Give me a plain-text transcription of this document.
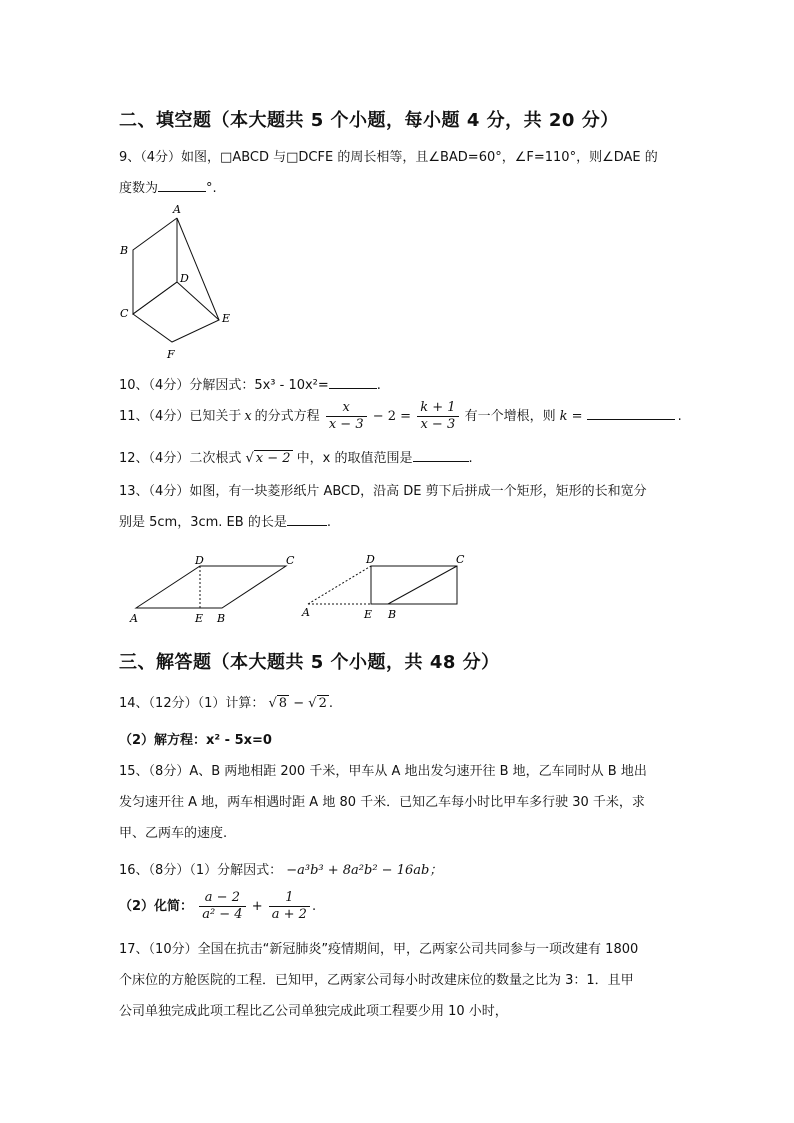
二、填空题（本大题共 5 个小题，每小题 4 分，共 20 分）
9、（4分）如图，□ABCD 与□DCFE 的周长相等，且∠BAD=60°，∠F=110°，则∠DAE 的
度数为	°.
A
B
C
D
E
F
10、（4分）分解因式：5x³ - 10x²=	.
11、（4分）已知关于 x 的分式方程 $\frac{x}{x - 3} - 2 = \frac{k + 1}{x - 3}$ 有一个增根，则 k =	.
12、（4分）二次根式 √ x − 2 中，x 的取值范围是	.
13、（4分）如图，有一块菱形纸片 ABCD，沿高 DE 剪下后拼成一个矩形，矩形的长和宽分
别是 5cm，3cm. EB 的长是	.
A	B
C
D
E	A	B
C
D
E
三、解答题（本大题共 5 个小题，共 48 分）
14、（12分）（1）计算： √ 8 − √ 2 .
（2）解方程：x² - 5x=0
15、（8分）A、B 两地相距 200 千米，甲车从 A 地出发匀速开往 B 地，乙车同时从 B 地出
发匀速开往 A 地，两车相遇时距 A 地 80 千米．已知乙车每小时比甲车多行驶 30 千米，求
甲、乙两车的速度.
16、（8分）（1）分解因式： −a³b³ + 8a²b² − 16ab；
（2）化简： $\frac{a - 2}{\text{a² − 4}} + \frac{1}{a + 2}$ .
17、（10分）全国在抗击“新冠肺炎”疫情期间，甲，乙两家公司共同参与一项改建有 1800
个床位的方舱医院的工程．已知甲，乙两家公司每小时改建床位的数量之比为 3：1．且甲
公司单独完成此项工程比乙公司单独完成此项工程要少用 10 小时，
